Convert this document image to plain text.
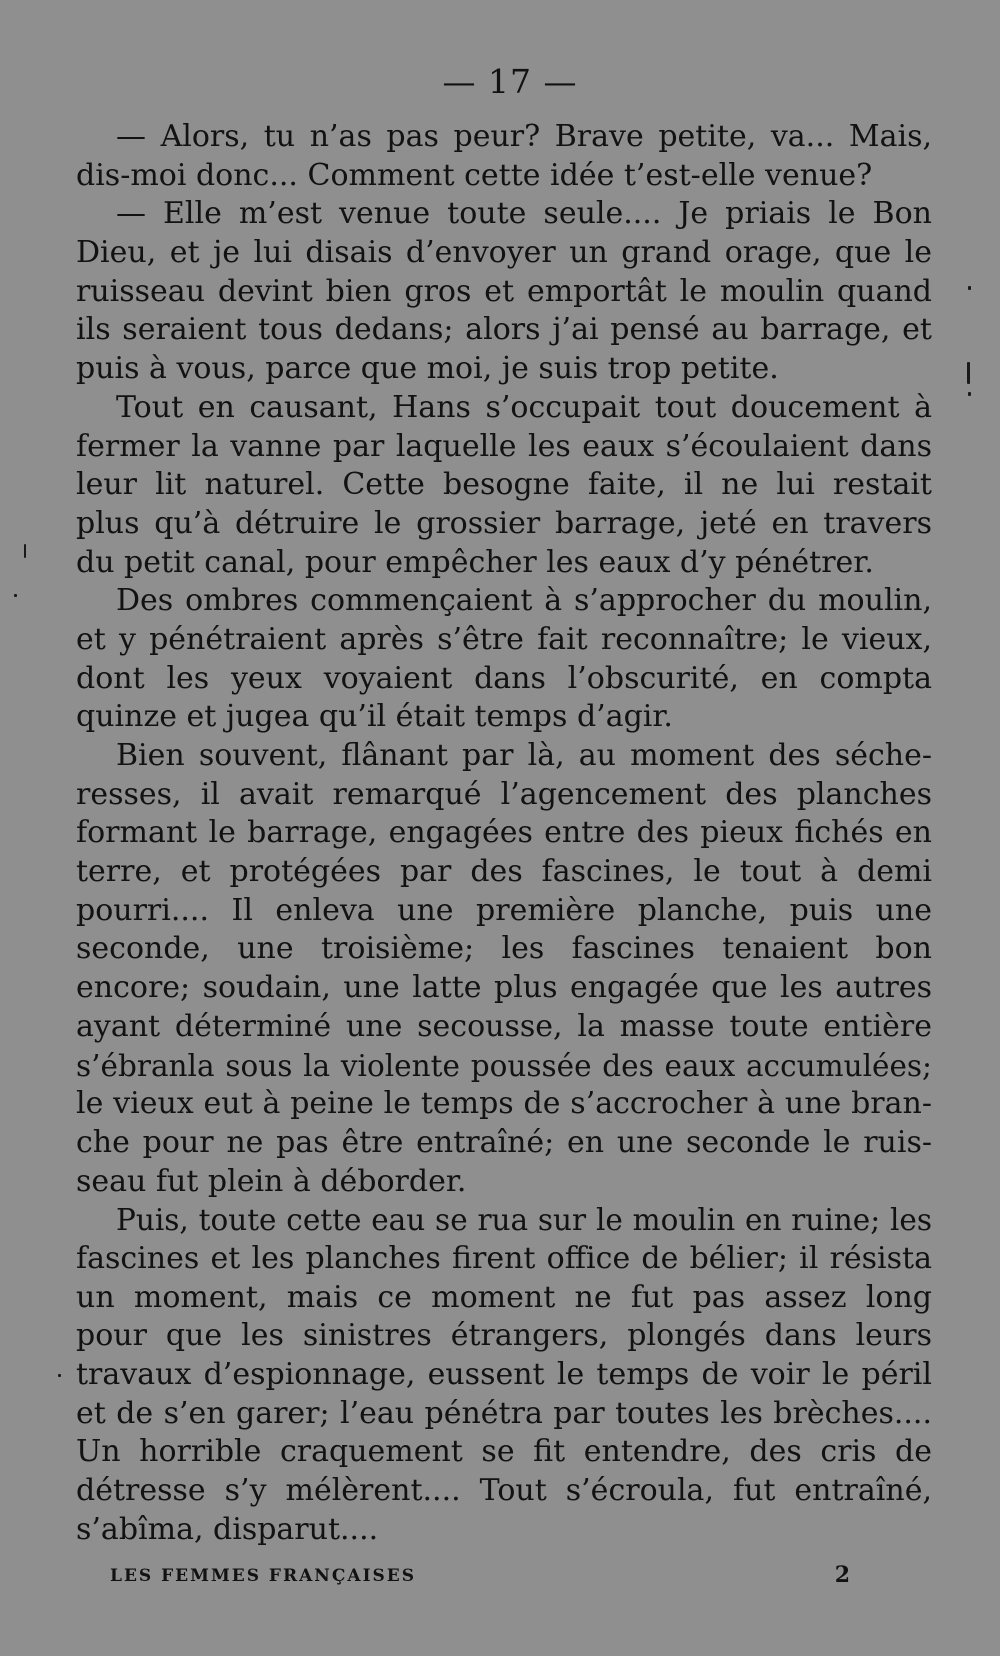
— 17 —
— Alors, tu n’as pas peur? Brave petite, va... Mais,
dis-moi donc... Comment cette idée t’est-elle venue?
— Elle m’est venue toute seule.... Je priais le Bon
Dieu, et je lui disais d’envoyer un grand orage, que le
ruisseau devint bien gros et emportât le moulin quand
ils seraient tous dedans; alors j’ai pensé au barrage, et
puis à vous, parce que moi, je suis trop petite.
Tout en causant, Hans s’occupait tout doucement à
fermer la vanne par laquelle les eaux s’écoulaient dans
leur lit naturel. Cette besogne faite, il ne lui restait
plus qu’à détruire le grossier barrage, jeté en travers
du petit canal, pour empêcher les eaux d’y pénétrer.
Des ombres commençaient à s’approcher du moulin,
et y pénétraient après s’être fait reconnaître; le vieux,
dont les yeux voyaient dans l’obscurité, en compta
quinze et jugea qu’il était temps d’agir.
Bien souvent, flânant par là, au moment des séche-
resses, il avait remarqué l’agencement des planches
formant le barrage, engagées entre des pieux fichés en
terre, et protégées par des fascines, le tout à demi
pourri.... Il enleva une première planche, puis une
seconde, une troisième; les fascines tenaient bon
encore; soudain, une latte plus engagée que les autres
ayant déterminé une secousse, la masse toute entière
s’ébranla sous la violente poussée des eaux accumulées;
le vieux eut à peine le temps de s’accrocher à une bran-
che pour ne pas être entraîné; en une seconde le ruis-
seau fut plein à déborder.
Puis, toute cette eau se rua sur le moulin en ruine; les
fascines et les planches firent office de bélier; il résista
un moment, mais ce moment ne fut pas assez long
pour que les sinistres étrangers, plongés dans leurs
travaux d’espionnage, eussent le temps de voir le péril
et de s’en garer; l’eau pénétra par toutes les brèches....
Un horrible craquement se fit entendre, des cris de
détresse s’y mélèrent.... Tout s’écroula, fut entraîné,
s’abîma, disparut....
LES FEMMES FRANÇAISES	2
